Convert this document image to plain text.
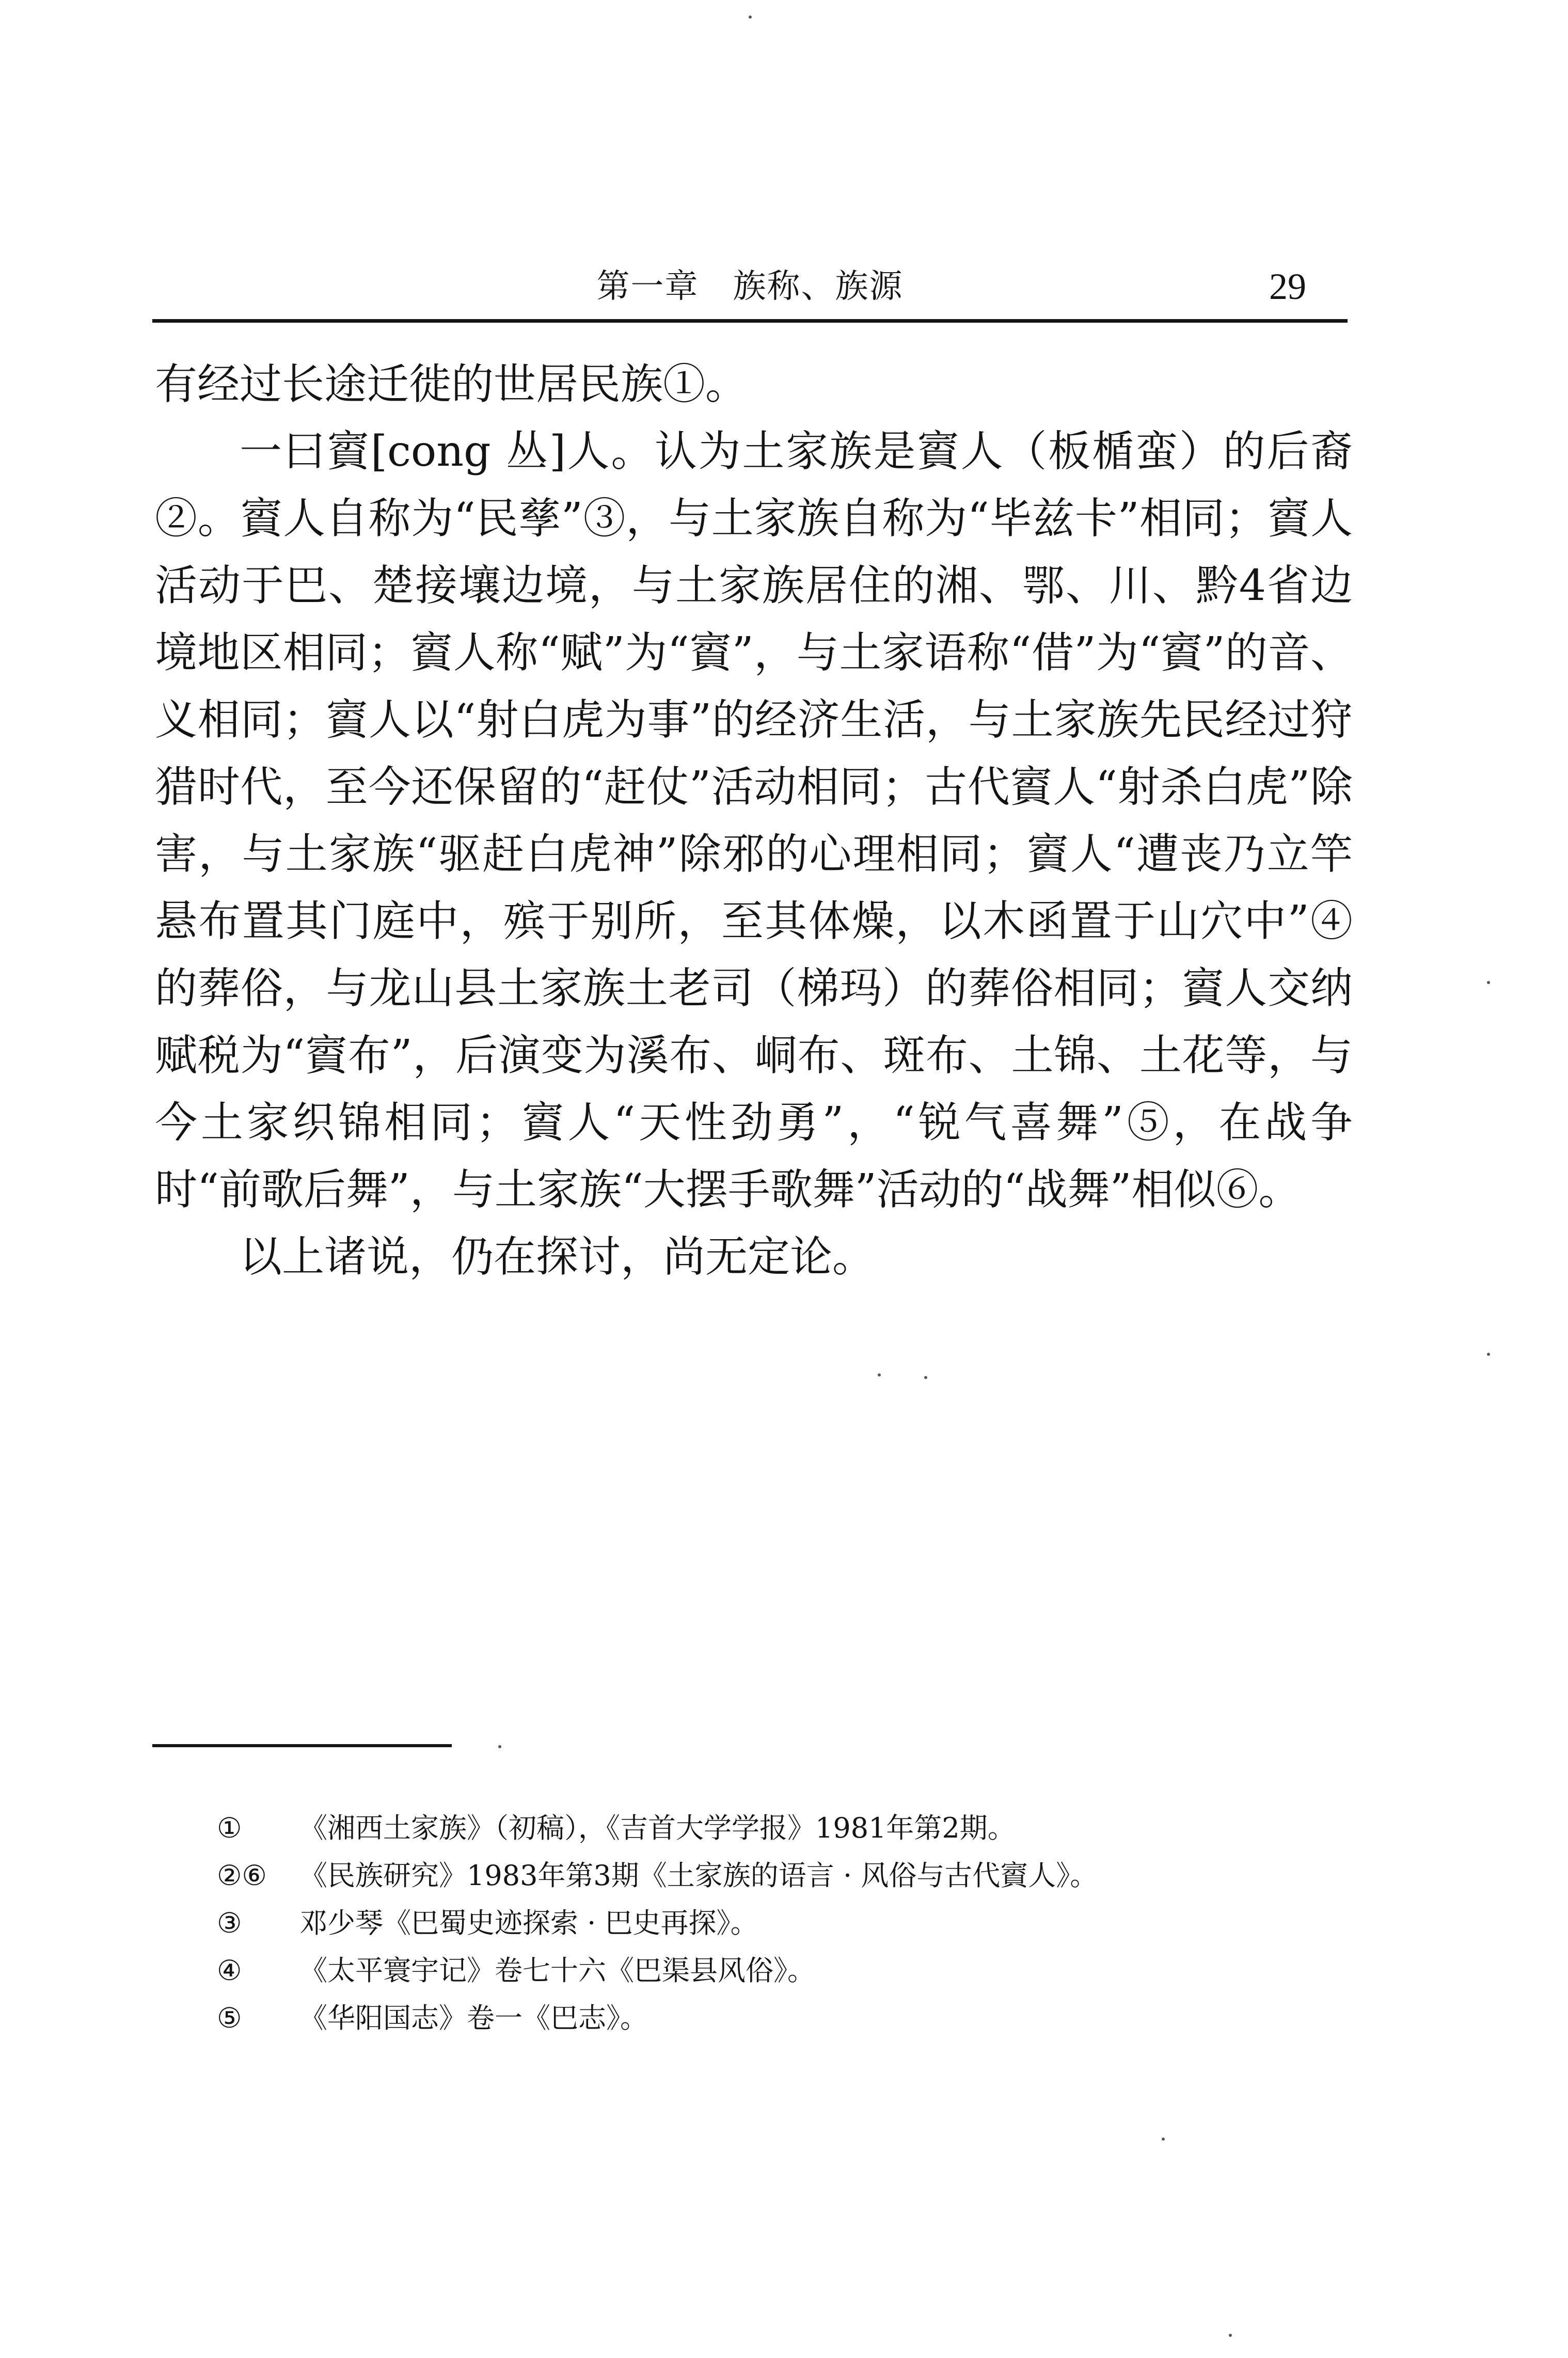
第一章　族称、族源	29

有经过长途迁徙的世居民族①。

一曰賨[cong 丛]人。认为土家族是賨人（板楯蛮）的后裔②。賨人自称为“民孳”③，与土家族自称为“毕兹卡”相同；賨人活动于巴、楚接壤边境，与土家族居住的湘、鄂、川、黔4省边境地区相同；賨人称“赋”为“賨”，与土家语称“借”为“賨”的音、义相同；賨人以“射白虎为事”的经济生活，与土家族先民经过狩猎时代，至今还保留的“赶仗”活动相同；古代賨人“射杀白虎”除害，与土家族“驱赶白虎神”除邪的心理相同；賨人“遭丧乃立竿悬布置其门庭中，殡于别所，至其体燥，以木函置于山穴中”④的葬俗，与龙山县土家族土老司（梯玛）的葬俗相同；賨人交纳赋税为“賨布”，后演变为溪布、峒布、斑布、土锦、土花等，与今土家织锦相同；賨人“天性劲勇”，“锐气喜舞”⑤，在战争时“前歌后舞”，与土家族“大摆手歌舞”活动的“战舞”相似⑥。

以上诸说，仍在探讨，尚无定论。

①	《湘西土家族》（初稿），《吉首大学学报》1981年第2期。
②⑥	《民族研究》1983年第3期《土家族的语言 · 风俗与古代賨人》。
③	邓少琴《巴蜀史迹探索 · 巴史再探》。
④	《太平寰宇记》卷七十六《巴渠县风俗》。
⑤	《华阳国志》卷一《巴志》。
